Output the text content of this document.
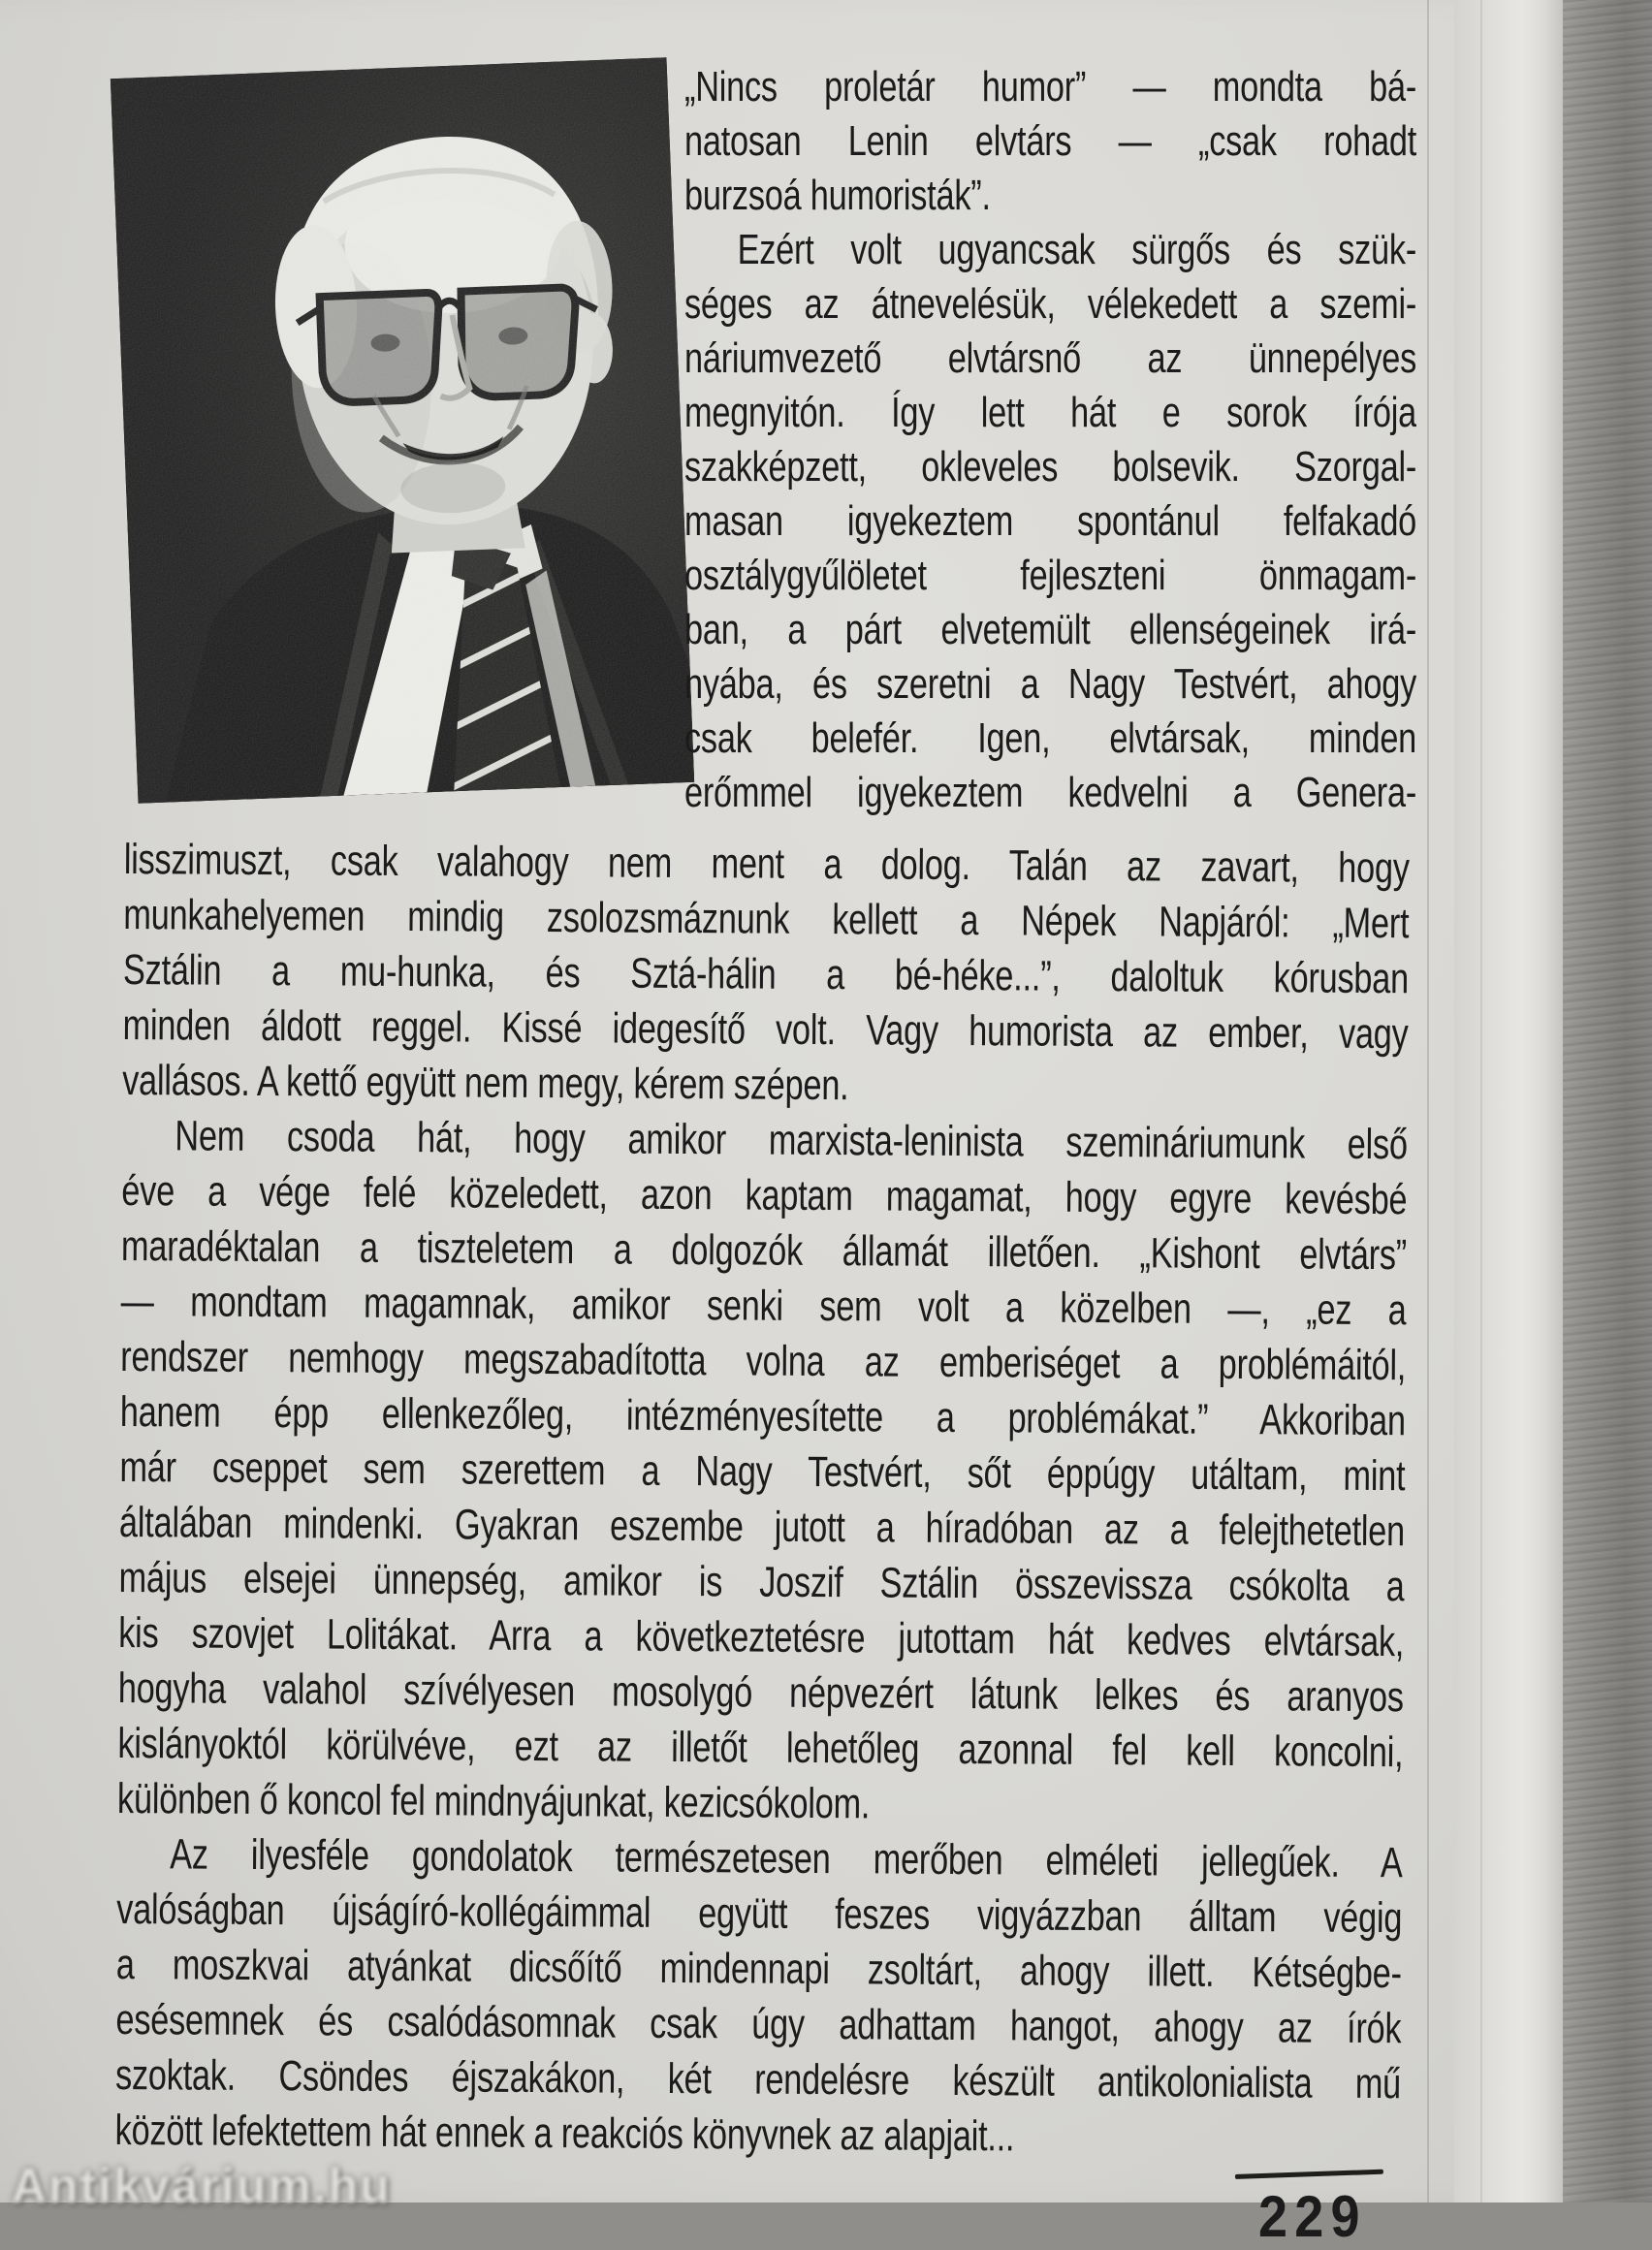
„Nincs proletár humor” — mondta bá-
natosan Lenin elvtárs — „csak rohadt
burzsoá humoristák”.
Ezért volt ugyancsak sürgős és szük-
séges az átnevelésük, vélekedett a szemi-
náriumvezető elvtársnő az ünnepélyes
megnyitón. Így lett hát e sorok írója
szakképzett, okleveles bolsevik. Szorgal-
masan igyekeztem spontánul felfakadó
osztálygyűlöletet fejleszteni önmagam-
ban, a párt elvetemült ellenségeinek irá-
nyába, és szeretni a Nagy Testvért, ahogy
csak belefér. Igen, elvtársak, minden
erőmmel igyekeztem kedvelni a Genera-
lisszimuszt, csak valahogy nem ment a dolog. Talán az zavart, hogy
munkahelyemen mindig zsolozsmáznunk kellett a Népek Napjáról: „Mert
Sztálin a mu-hunka, és Sztá-hálin a bé-héke...”, daloltuk kórusban
minden áldott reggel. Kissé idegesítő volt. Vagy humorista az ember, vagy
vallásos. A kettő együtt nem megy, kérem szépen.
Nem csoda hát, hogy amikor marxista-leninista szemináriumunk első
éve a vége felé közeledett, azon kaptam magamat, hogy egyre kevésbé
maradéktalan a tiszteletem a dolgozók államát illetően. „Kishont elvtárs”
— mondtam magamnak, amikor senki sem volt a közelben —, „ez a
rendszer nemhogy megszabadította volna az emberiséget a problémáitól,
hanem épp ellenkezőleg, intézményesítette a problémákat.” Akkoriban
már cseppet sem szerettem a Nagy Testvért, sőt éppúgy utáltam, mint
általában mindenki. Gyakran eszembe jutott a híradóban az a felejthetetlen
május elsejei ünnepség, amikor is Joszif Sztálin összevissza csókolta a
kis szovjet Lolitákat. Arra a következtetésre jutottam hát kedves elvtársak,
hogyha valahol szívélyesen mosolygó népvezért látunk lelkes és aranyos
kislányoktól körülvéve, ezt az illetőt lehetőleg azonnal fel kell koncolni,
különben ő koncol fel mindnyájunkat, kezicsókolom.
Az ilyesféle gondolatok természetesen merőben elméleti jellegűek. A
valóságban újságíró-kollégáimmal együtt feszes vigyázzban álltam végig
a moszkvai atyánkat dicsőítő mindennapi zsoltárt, ahogy illett. Kétségbe-
esésemnek és csalódásomnak csak úgy adhattam hangot, ahogy az írók
szoktak. Csöndes éjszakákon, két rendelésre készült antikolonialista mű
között lefektettem hát ennek a reakciós könyvnek az alapjait...
229
Antikvárium.hu
